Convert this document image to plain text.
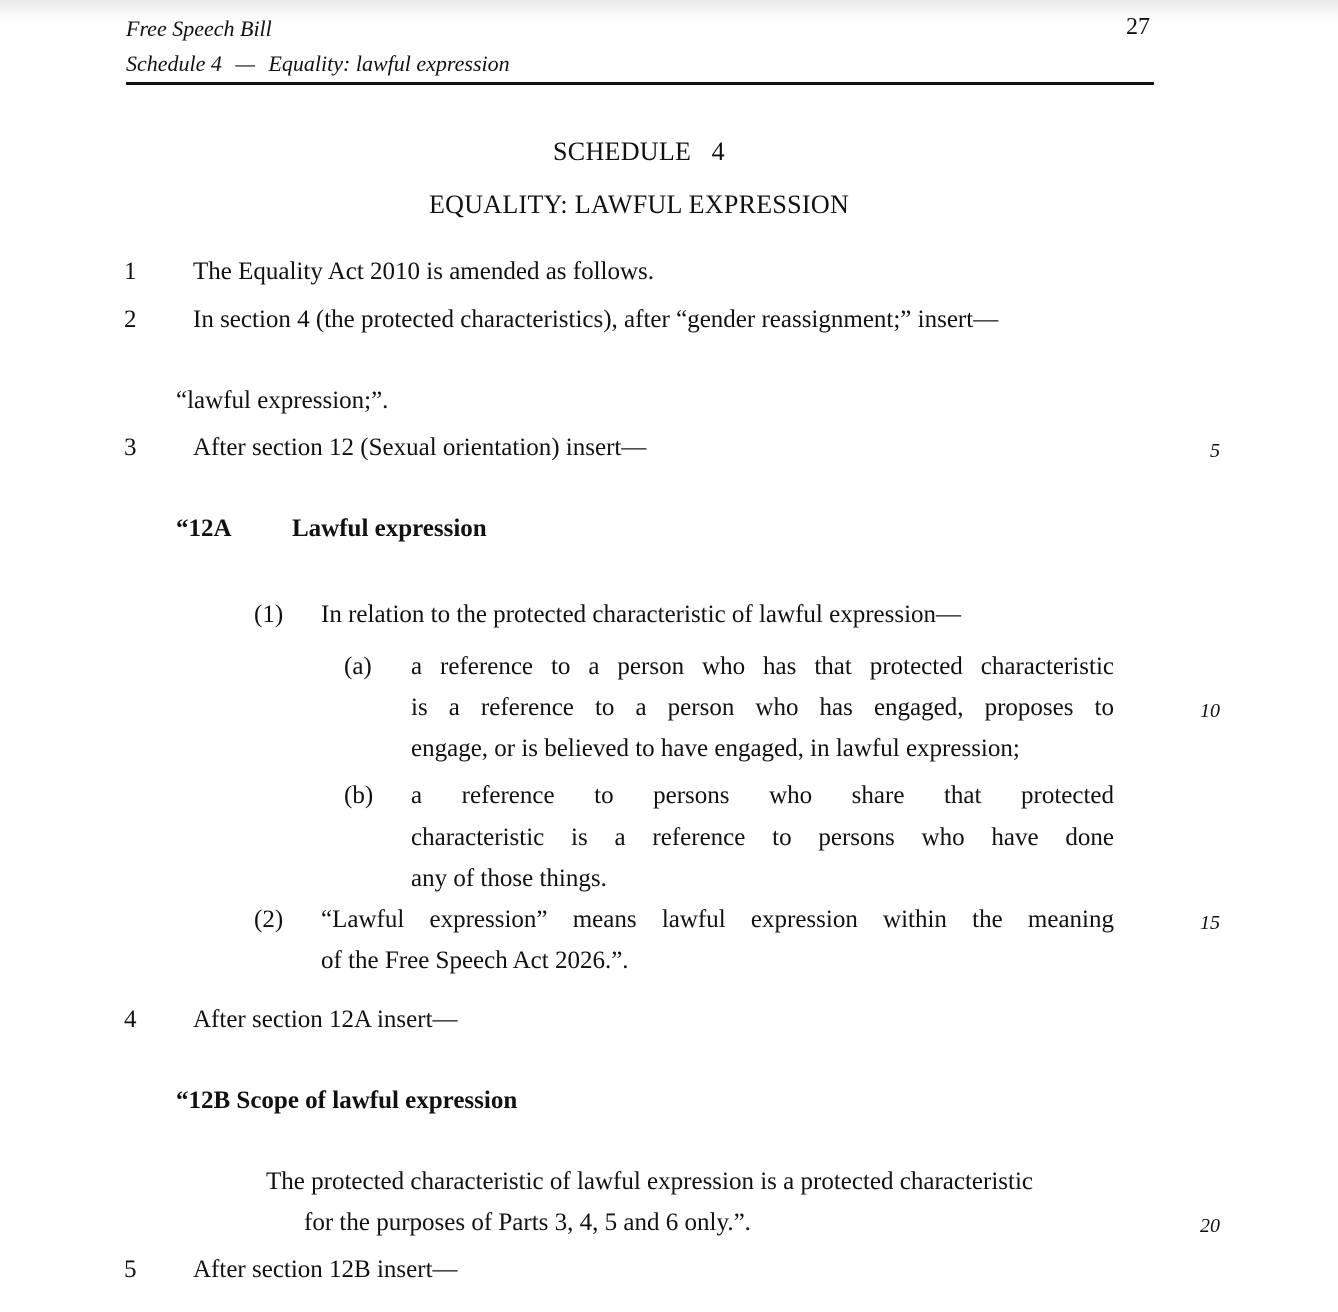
Free Speech Bill
Schedule 4 — Equality: lawful expression
27
SCHEDULE   4
EQUALITY: LAWFUL EXPRESSION
1 The Equality Act 2010 is amended as follows.
2 In section 4 (the protected characteristics), after “gender reassignment;” insert—
“lawful expression;”.
3 After section 12 (Sexual orientation) insert—	5
“12A Lawful expression
(1) In relation to the protected characteristic of lawful expression—
(a) a reference to a person who has that protected characteristic
is a reference to a person who has engaged, proposes to
engage, or is believed to have engaged, in lawful expression;
10
(b) a reference to persons who share that protected
characteristic is a reference to persons who have done
any of those things.
(2) “Lawful expression” means lawful expression within the meaning
of the Free Speech Act 2026.”.
15
4 After section 12A insert—
“12B Scope of lawful expression
The protected characteristic of lawful expression is a protected characteristic
for the purposes of Parts 3, 4, 5 and 6 only.”.	20
5 After section 12B insert—
